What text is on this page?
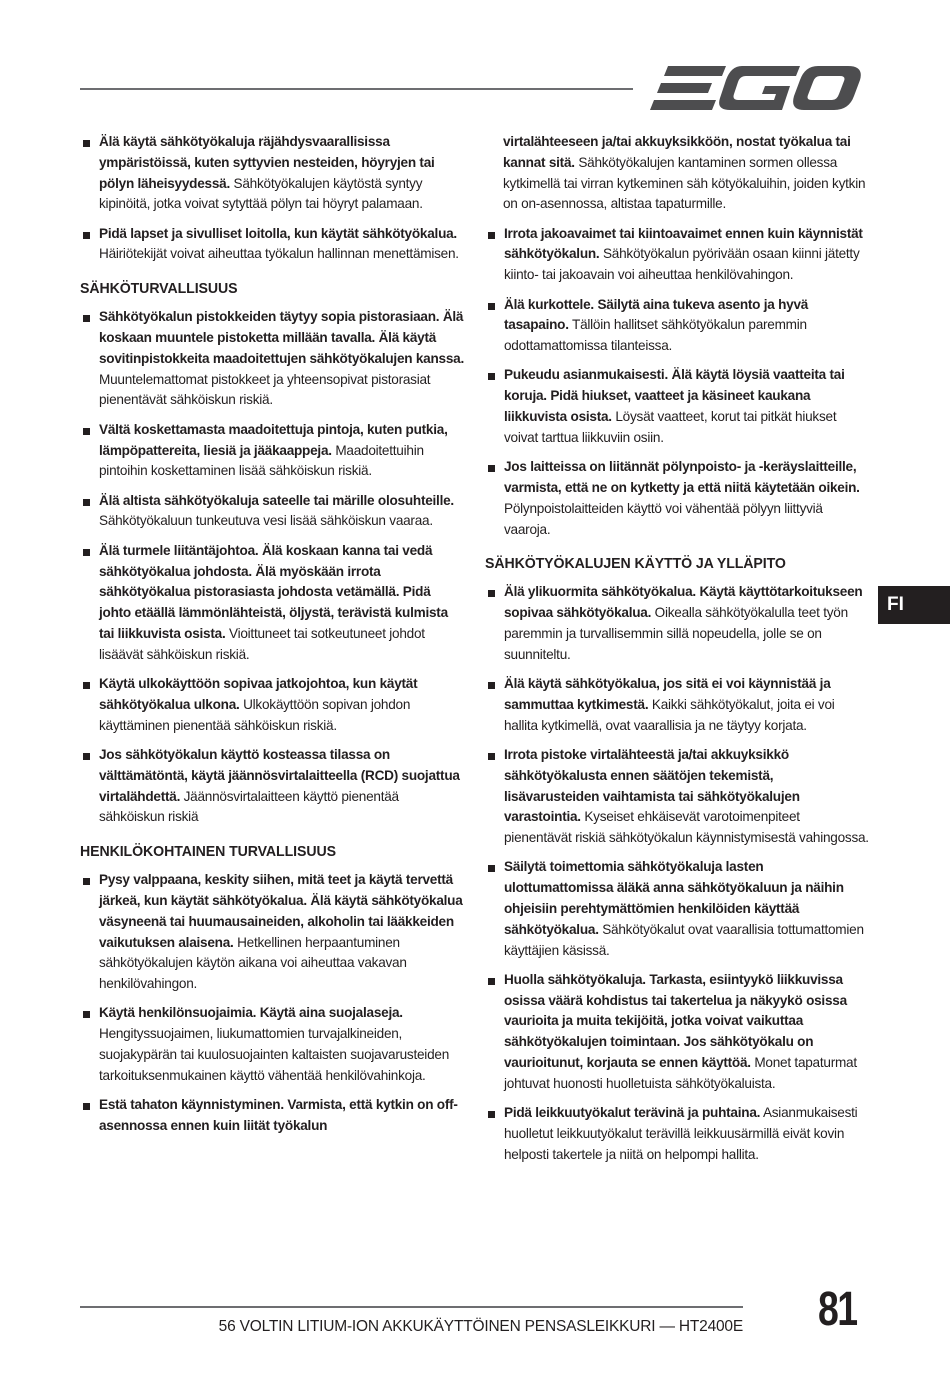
Älä käytä sähkötyökaluja räjähdysvaarallisissa ympäristöissä, kuten syttyvien nesteiden, höyryjen tai pölyn läheisyydessä. Sähkötyökalujen käytöstä syntyy kipinöitä, jotka voivat sytyttää pölyn tai höyryt palamaan.
Pidä lapset ja sivulliset loitolla, kun käytät sähkötyökalua. Häiriötekijät voivat aiheuttaa työkalun hallinnan menettämisen.
SÄHKÖTURVALLISUUS
Sähkötyökalun pistokkeiden täytyy sopia pistorasiaan. Älä koskaan muuntele pistoketta millään tavalla. Älä käytä sovitinpistokkeita maadoitettujen sähkötyökalujen kanssa. Muuntelemattomat pistokkeet ja yhteensopivat pistorasiat pienentävät sähköiskun riskiä.
Vältä koskettamasta maadoitettuja pintoja, kuten putkia, lämpöpattereita, liesiä ja jääkaappeja. Maadoitettuihin pintoihin koskettaminen lisää sähköiskun riskiä.
Älä altista sähkötyökaluja sateelle tai märille olosuhteille. Sähkötyökaluun tunkeutuva vesi lisää sähköiskun vaaraa.
Älä turmele liitäntäjohtoa. Älä koskaan kanna tai vedä sähkötyökalua johdosta. Älä myöskään irrota sähkötyökalua pistorasiasta johdosta vetämällä. Pidä johto etäällä lämmönlähteistä, öljystä, terävistä kulmista tai liikkuvista osista. Vioittuneet tai sotkeutuneet johdot lisäävät sähköiskun riskiä.
Käytä ulkokäyttöön sopivaa jatkojohtoa, kun käytät sähkötyökalua ulkona. Ulkokäyttöön sopivan johdon käyttäminen pienentää sähköiskun riskiä.
Jos sähkötyökalun käyttö kosteassa tilassa on välttämätöntä, käytä jäännösvirtalaitteella (RCD) suojattua virtalähdettä. Jäännösvirtalaitteen käyttö pienentää sähköiskun riskiä
HENKILÖKOHTAINEN TURVALLISUUS
Pysy valppaana, keskity siihen, mitä teet ja käytä tervettä järkeä, kun käytät sähkötyökalua. Älä käytä sähkötyökalua väsyneenä tai huumausaineiden, alkoholin tai lääkkeiden vaikutuksen alaisena. Hetkellinen herpaantuminen sähkötyökalujen käytön aikana voi aiheuttaa vakavan henkilövahingon.
Käytä henkilönsuojaimia. Käytä aina suojalaseja. Hengityssuojaimen, liukumattomien turvajalkineiden, suojakypärän tai kuulosuojainten kaltaisten suojavarusteiden tarkoituksenmukainen käyttö vähentää henkilövahinkoja.
Estä tahaton käynnistyminen. Varmista, että kytkin on off-asennossa ennen kuin liität työkalun
virtalähteeseen ja/tai akkuyksikköön, nostat työkalua tai kannat sitä. Sähkötyökalujen kantaminen sormen ollessa kytkimellä tai virran kytkeminen säh kötyökaluihin, joiden kytkin on on-asennossa, altistaa tapaturmille.
Irrota jakoavaimet tai kiintoavaimet ennen kuin käynnistät sähkötyökalun. Sähkötyökalun pyörivään osaan kiinni jätetty kiinto- tai jakoavain voi aiheuttaa henkilövahingon.
Älä kurkottele. Säilytä aina tukeva asento ja hyvä tasapaino. Tällöin hallitset sähkötyökalun paremmin odottamattomissa tilanteissa.
Pukeudu asianmukaisesti. Älä käytä löysiä vaatteita tai koruja. Pidä hiukset, vaatteet ja käsineet kaukana liikkuvista osista. Löysät vaatteet, korut tai pitkät hiukset voivat tarttua liikkuviin osiin.
Jos laitteissa on liitännät pölynpoisto- ja -keräyslaitteille, varmista, että ne on kytketty ja että niitä käytetään oikein. Pölynpoistolaitteiden käyttö voi vähentää pölyyn liittyviä vaaroja.
SÄHKÖTYÖKALUJEN KÄYTTÖ JA YLLÄPITO
Älä ylikuormita sähkötyökalua. Käytä käyttötarkoitukseen sopivaa sähkötyökalua. Oikealla sähkötyökalulla teet työn paremmin ja turvallisemmin sillä nopeudella, jolle se on suunniteltu.
Älä käytä sähkötyökalua, jos sitä ei voi käynnistää ja sammuttaa kytkimestä. Kaikki sähkötyökalut, joita ei voi hallita kytkimellä, ovat vaarallisia ja ne täytyy korjata.
Irrota pistoke virtalähteestä ja/tai akkuyksikkö sähkötyökalusta ennen säätöjen tekemistä, lisävarusteiden vaihtamista tai sähkötyökalujen varastointia. Kyseiset ehkäisevät varotoimenpiteet pienentävät riskiä sähkötyökalun käynnistymisestä vahingossa.
Säilytä toimettomia sähkötyökaluja lasten ulottumattomissa äläkä anna sähkötyökaluun ja näihin ohjeisiin perehtymättömien henkilöiden käyttää sähkötyökalua. Sähkötyökalut ovat vaarallisia tottumattomien käyttäjien käsissä.
Huolla sähkötyökaluja. Tarkasta, esiintyykö liikkuvissa osissa väärä kohdistus tai takertelua ja näkyykö osissa vaurioita ja muita tekijöitä, jotka voivat vaikuttaa sähkötyökalujen toimintaan. Jos sähkötyökalu on vaurioitunut, korjauta se ennen käyttöä. Monet tapaturmat johtuvat huonosti huolletuista sähkötyökaluista.
Pidä leikkuutyökalut terävinä ja puhtaina. Asianmukaisesti huolletut leikkuutyökalut terävillä leikkuusärmillä eivät kovin helposti takertele ja niitä on helpompi hallita.
FI
56 VOLTIN LITIUM-ION AKKUKÄYTTÖINEN PENSASLEIKKURI — HT2400E 81
